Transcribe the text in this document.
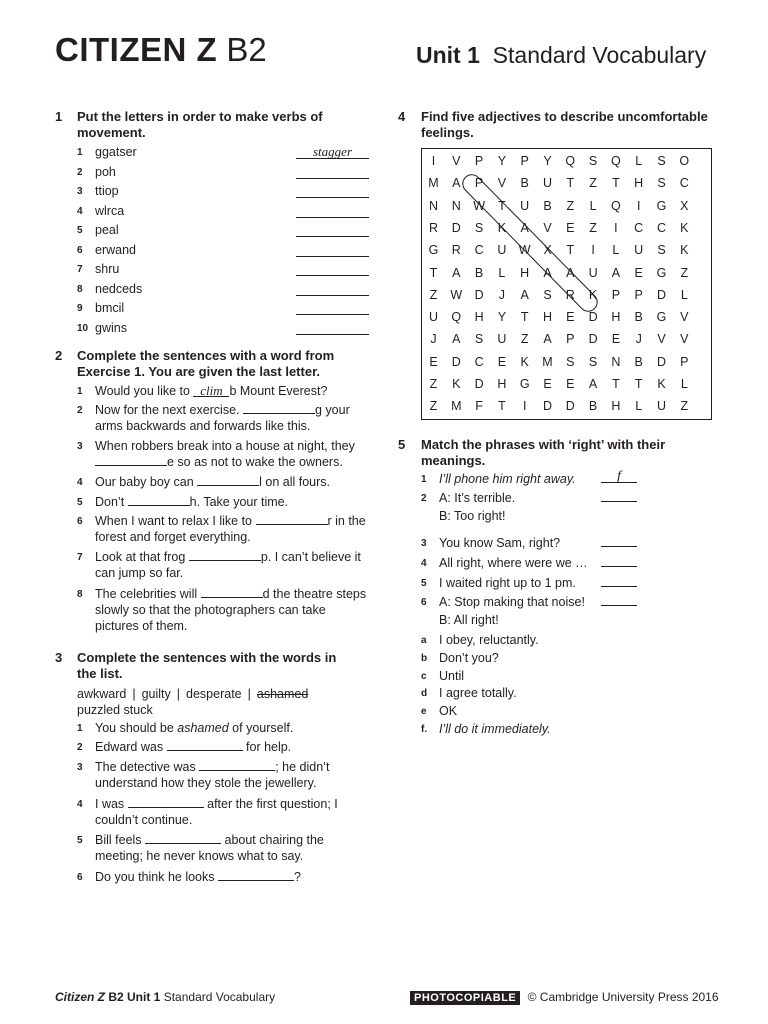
CITIZEN Z B2	Unit 1 Standard Vocabulary
1 Put the letters in order to make verbs of
movement.
1 ggatser	stagger
2 poh
3 ttiop
4 wlrca
5 peal
6 erwand
7 shru
8 nedceds
9 bmcil
10 gwins
2 Complete the sentences with a word from
Exercise 1. You are given the last letter.
1 Would you like to clim b Mount Everest?
2 Now for the next exercise.	g your arms backwards and forwards like this.
3 When robbers break into a house at night, they e so as not to wake the owners.
4 Our baby boy can	l on all fours.
5 Don’t	h. Take your time.
6 When I want to relax I like to	r in the forest and forget everything.
7 Look at that frog	p. I can’t believe it can jump so far.
8 The celebrities will	d the theatre steps slowly so that the photographers can take pictures of them.
3 Complete the sentences with the words in
the list.
awkward | guilty | desperate | ashamed
puzzled stuck
1 You should be ashamed of yourself.
2 Edward was	for help.
3 The detective was	; he didn’t understand how they stole the jewellery.
4 I was	after the first question; I couldn’t continue.
5 Bill feels	about chairing the meeting; he never knows what to say.
6 Do you think he looks	?
4 Find five adjectives to describe uncomfortable
feelings.
I	V	P	Y	P	Y	Q	S	Q	L	S	O
M	A	P	V	B	U	T	Z	T	H	S	C
N	N W	T	U	B	Z	L	Q	I	G	X
R	D	S	K	A	V	E	Z	I	C	C	K
G	R	C	U W	X	T	I	L	U	S	K
T	A	B	L	H	A	A	U	A	E	G	Z
Z	W D	J	A	S	R	K	P	P	D	L
U	Q	H	Y	T	H	E	D	H	B	G	V
J	A	S	U	Z	A	P	D	E	J	V	V
E	D	C	E	K	M	S	S	N	B	D	P
Z	K	D	H	G	E	E	A	T	T	K	L
Z	M	F	T	I	D	D	B	H	L	U	Z
5 Match the phrases with ‘right’ with their
meanings.
1 I’ll phone him right away.	f
2 A: It’s terrible.
B: Too right!
3 You know Sam, right?
4 All right, where were we …
5 I waited right up to 1 pm.
6 A: Stop making that noise!
B: All right!
a I obey, reluctantly.
b Don’t you?
c Until
d I agree totally.
e OK
f. I’ll do it immediately.
Citizen Z B2 Unit 1 Standard Vocabulary	PHOTOCOPIABLE © Cambridge University Press 2016
